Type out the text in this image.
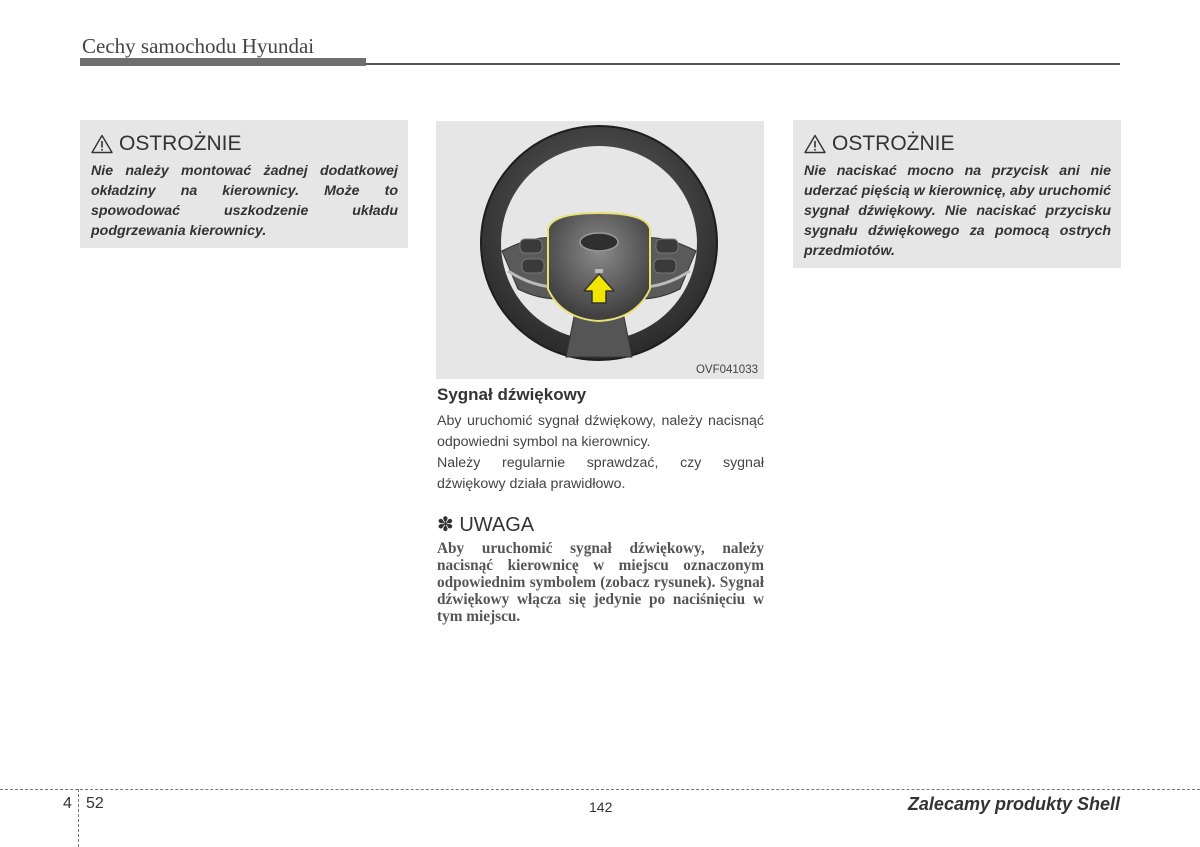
Cechy samochodu Hyundai
OSTROŻNIE
Nie należy montować żadnej dodatkowej okładziny na kierownicy. Może to spowodować uszkodzenie układu podgrzewania kierownicy.
OVF041033
Sygnał dźwiękowy
Aby uruchomić sygnał dźwiękowy, należy nacisnąć odpowiedni symbol na kierownicy.
Należy regularnie sprawdzać, czy sygnał dźwiękowy działa prawidłowo.
✽ UWAGA
Aby uruchomić sygnał dźwiękowy, należy nacisnąć kierownicę w miejscu oznaczonym odpowiednim symbolem (zobacz rysunek). Sygnał dźwiękowy włącza się jedynie po naciśnięciu w tym miejscu.
OSTROŻNIE
Nie naciskać mocno na przycisk ani nie uderzać pięścią w kierownicę, aby uruchomić sygnał dźwiękowy. Nie naciskać przycisku sygnału dźwiękowego za pomocą ostrych przedmiotów.
4 52	142	Zalecamy produkty Shell
